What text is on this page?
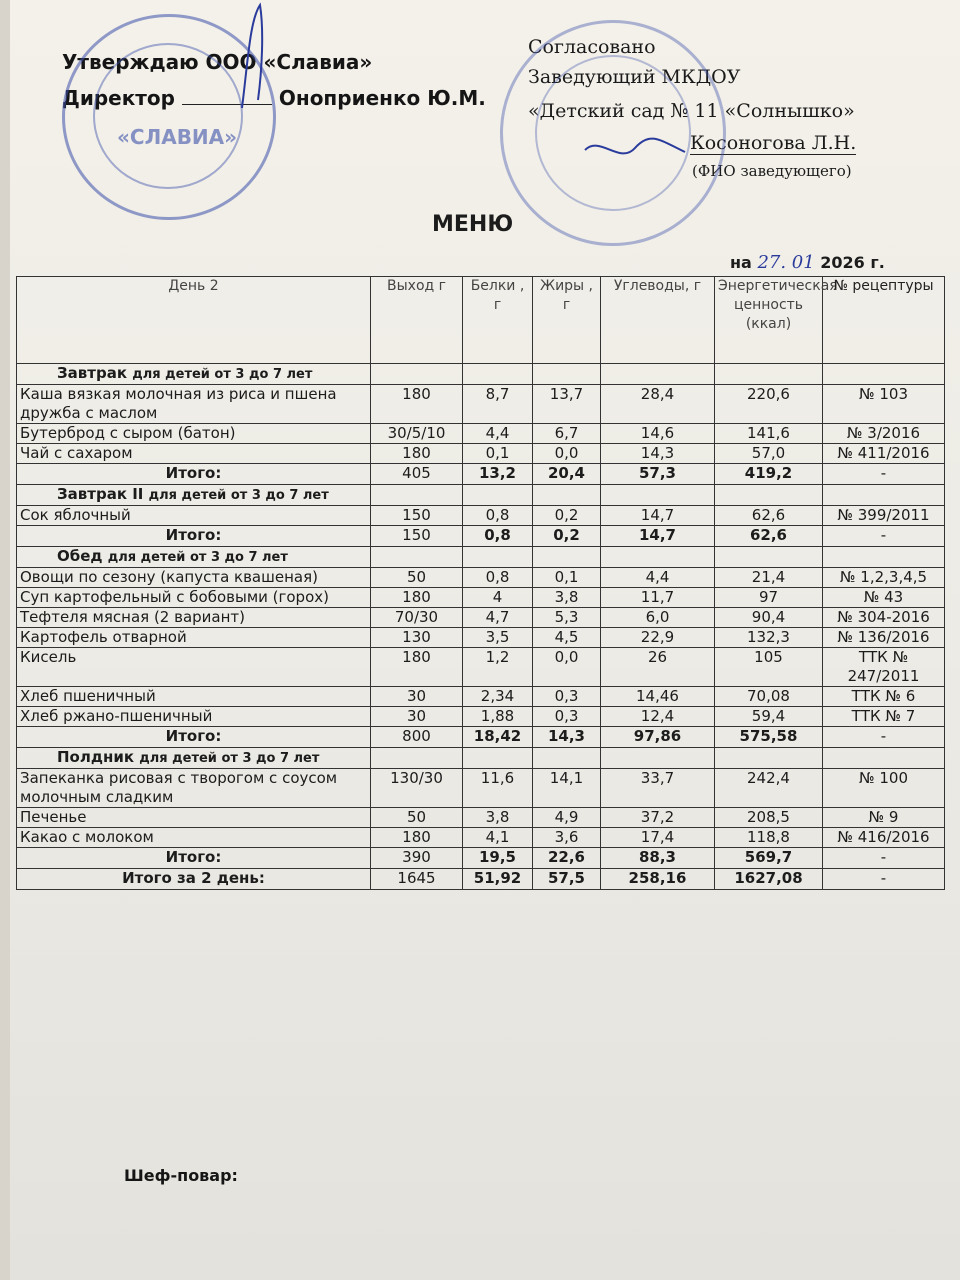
Утверждаю ООО «Славиа»
Директор	Оноприенко Ю.М.
«СЛАВИА»
Согласовано
Заведующий МКДОУ
«Детский сад № 11 «Солнышко»
Косоногова Л.Н.
(ФИО заведующего)
МЕНЮ
на 27. 01 2026 г.
День 2	Выход г	Белки , г	Жиры , г	Углеводы, г	Энергетическая ценность (ккал)	№ рецептуры
Завтрак для детей от 3 до 7 лет						
Каша вязкая молочная из риса и пшена дружба с маслом	180	8,7	13,7	28,4	220,6	№ 103
Бутерброд с сыром (батон)	30/5/10	4,4	6,7	14,6	141,6	№ 3/2016
Чай с сахаром	180	0,1	0,0	14,3	57,0	№ 411/2016
Итого:	405	13,2	20,4	57,3	419,2	-
Завтрак II для детей от 3 до 7 лет						
Сок яблочный	150	0,8	0,2	14,7	62,6	№ 399/2011
Итого:	150	0,8	0,2	14,7	62,6	-
Обед для детей от 3 до 7 лет						
Овощи по сезону (капуста квашеная)	50	0,8	0,1	4,4	21,4	№ 1,2,3,4,5
Суп картофельный с бобовыми (горох)	180	4	3,8	11,7	97	№ 43
Тефтеля мясная (2 вариант)	70/30	4,7	5,3	6,0	90,4	№ 304-2016
Картофель отварной	130	3,5	4,5	22,9	132,3	№ 136/2016
Кисель	180	1,2	0,0	26	105	ТТК № 247/2011
Хлеб пшеничный	30	2,34	0,3	14,46	70,08	ТТК № 6
Хлеб ржано-пшеничный	30	1,88	0,3	12,4	59,4	ТТК № 7
Итого:	800	18,42	14,3	97,86	575,58	-
Полдник для детей от 3 до 7 лет						
Запеканка рисовая с творогом с соусом молочным сладким	130/30	11,6	14,1	33,7	242,4	№ 100
Печенье	50	3,8	4,9	37,2	208,5	№ 9
Какао с молоком	180	4,1	3,6	17,4	118,8	№ 416/2016
Итого:	390	19,5	22,6	88,3	569,7	-
Итого за 2 день:	1645	51,92	57,5	258,16	1627,08	-
Шеф-повар:
